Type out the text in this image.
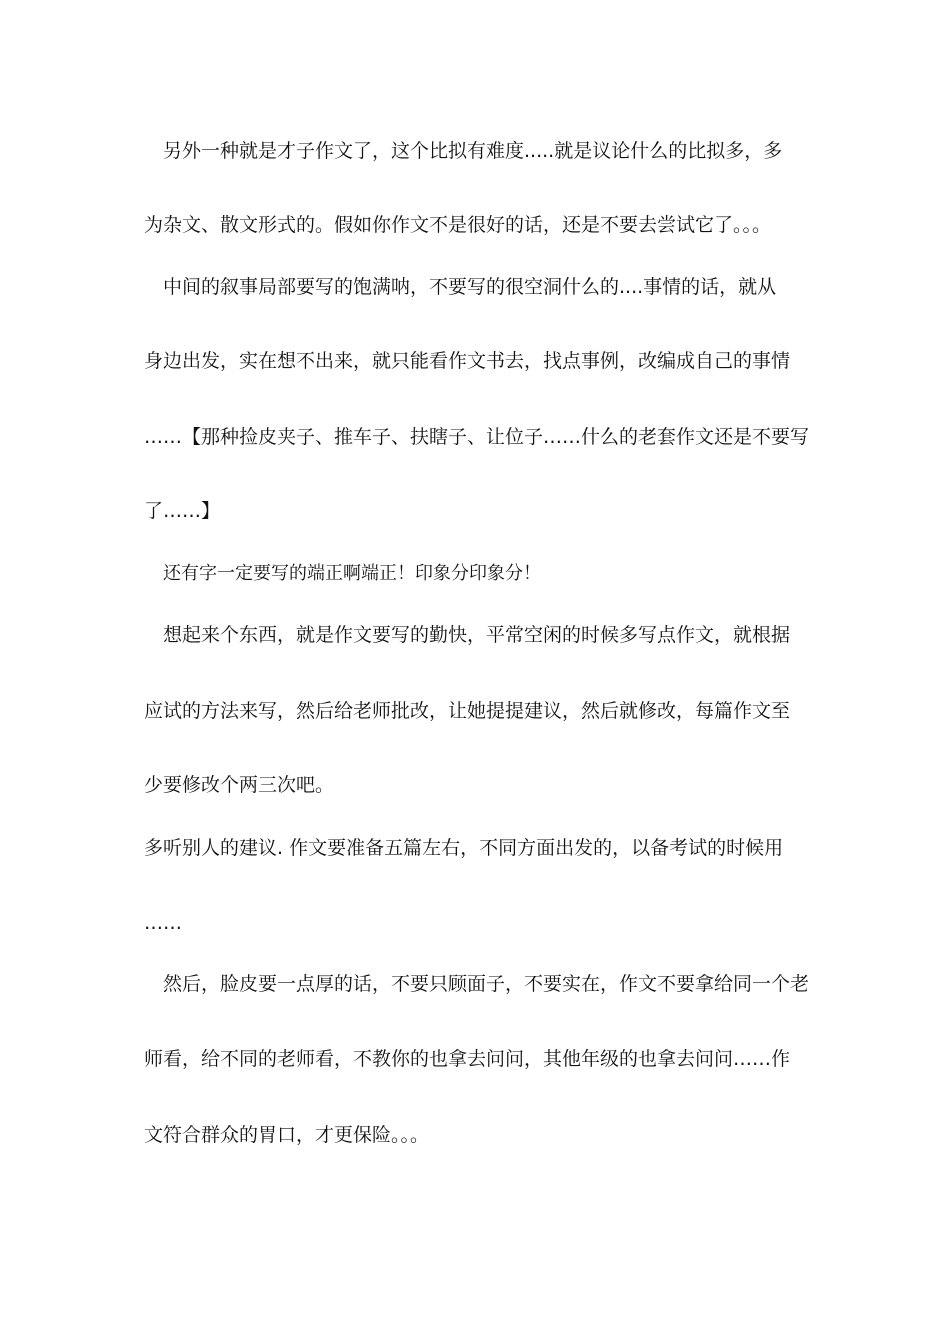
另外一种就是才子作文了，这个比拟有难度.....就是议论什么的比拟多，多
为杂文、散文形式的。假如你作文不是很好的话，还是不要去尝试它了。。。
中间的叙事局部要写的饱满呐，不要写的很空洞什么的....事情的话，就从
身边出发，实在想不出来，就只能看作文书去，找点事例，改编成自己的事情
……【那种捡皮夹子、推车子、扶瞎子、让位子……什么的老套作文还是不要写
了……】
还有字一定要写的端正啊端正！印象分印象分！
想起来个东西，就是作文要写的勤快，平常空闲的时候多写点作文，就根据
应试的方法来写，然后给老师批改，让她提提建议，然后就修改，每篇作文至
少要修改个两三次吧。
多听别人的建议. 作文要准备五篇左右，不同方面出发的，以备考试的时候用
……
然后，脸皮要一点厚的话，不要只顾面子，不要实在，作文不要拿给同一个老
师看，给不同的老师看，不教你的也拿去问问，其他年级的也拿去问问……作
文符合群众的胃口，才更保险。。。
